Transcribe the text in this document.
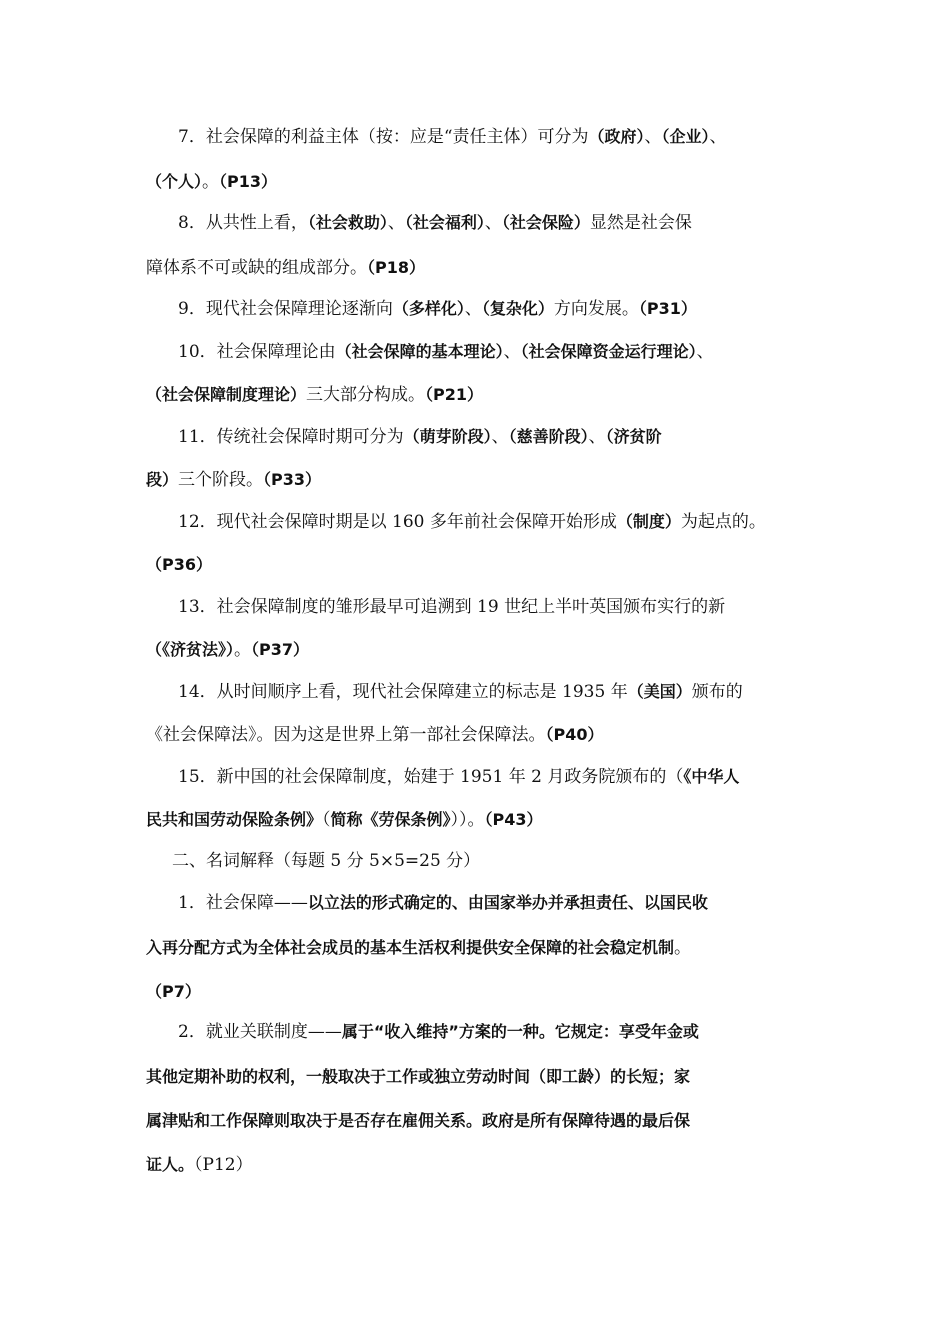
7．社会保障的利益主体（按：应是“责任主体）可分为（政府）、（企业）、
（个人）。（P13）
8．从共性上看，（社会救助）、（社会福利）、（社会保险）显然是社会保
障体系不可或缺的组成部分。（P18）
9．现代社会保障理论逐渐向（多样化）、（复杂化）方向发展。（P31）
10．社会保障理论由（社会保障的基本理论）、（社会保障资金运行理论）、
（社会保障制度理论）三大部分构成。（P21）
11．传统社会保障时期可分为（萌芽阶段）、（慈善阶段）、（济贫阶
段）三个阶段。（P33）
12．现代社会保障时期是以 160 多年前社会保障开始形成（制度）为起点的。
（P36）
13．社会保障制度的雏形最早可追溯到 19 世纪上半叶英国颁布实行的新
（《济贫法》）。（P37）
14．从时间顺序上看，现代社会保障建立的标志是 1935 年（美国）颁布的
《社会保障法》。因为这是世界上第一部社会保障法。（P40）
15．新中国的社会保障制度，始建于 1951 年 2 月政务院颁布的（《中华人
民共和国劳动保险条例》（简称《劳保条例》））。（P43）
二、名词解释（每题 5 分 5×5=25 分）
1．社会保障——以立法的形式确定的、由国家举办并承担责任、以国民收
入再分配方式为全体社会成员的基本生活权利提供安全保障的社会稳定机制。
（P7）
2．就业关联制度——属于“收入维持”方案的一种。它规定：享受年金或
其他定期补助的权利，一般取决于工作或独立劳动时间（即工龄）的长短；家
属津贴和工作保障则取决于是否存在雇佣关系。政府是所有保障待遇的最后保
证人。（P12）
